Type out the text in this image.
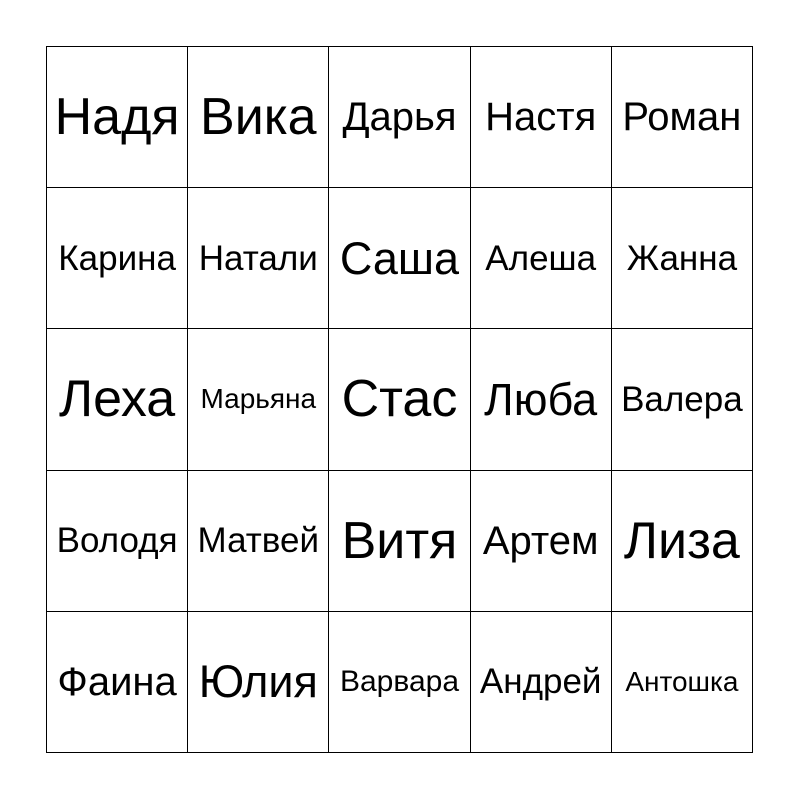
Надя Вика Дарья Настя Роман
Карина Натали Саша Алеша Жанна
Леха Марьяна Стас Люба Валера
Володя Матвей Витя Артем Лиза
Фаина Юлия Варвара Андрей Антошка
